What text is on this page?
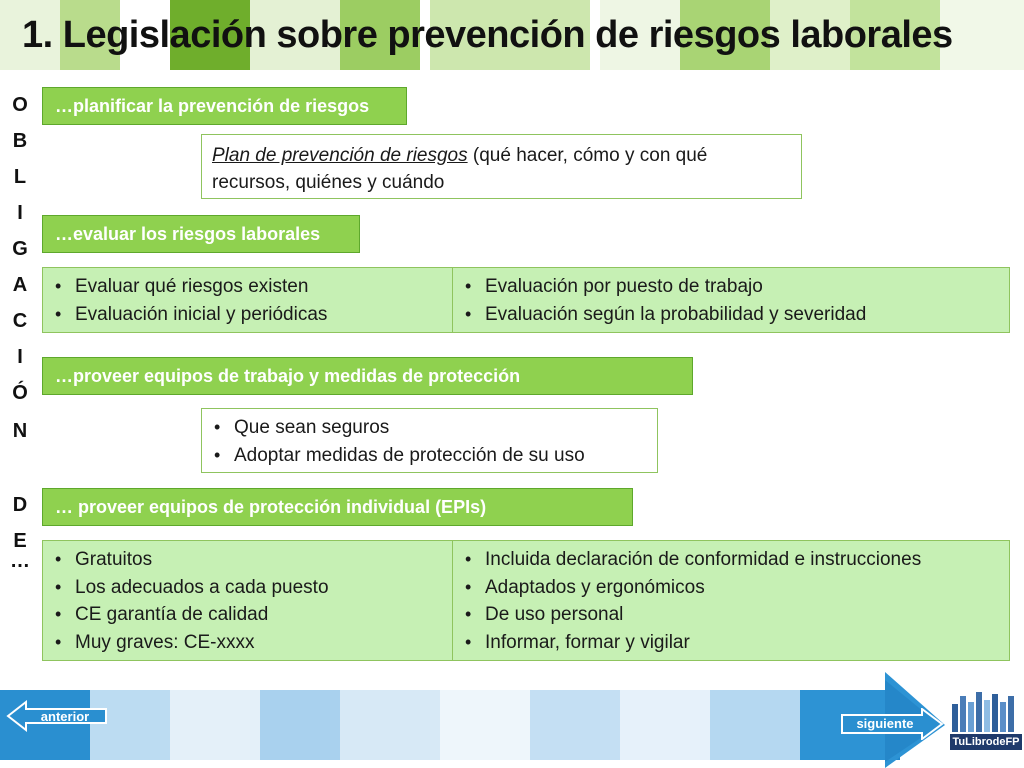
1. Legislación sobre prevención de riesgos laborales
O
B
L
I
G
A
C
I
Ó
N
D
E
…
…planificar la prevención de riesgos
Plan de prevención de riesgos (qué hacer, cómo y con qué
recursos, quiénes y cuándo
…evaluar los riesgos laborales
• Evaluar qué riesgos existen
• Evaluación inicial y periódicas
• Evaluación por puesto de trabajo
• Evaluación según la probabilidad y severidad
…proveer equipos de trabajo y medidas de protección
• Que sean seguros
• Adoptar medidas de protección de su uso
… proveer equipos de protección individual (EPIs)
• Gratuitos
• Los adecuados a cada puesto
• CE garantía de calidad
• Muy graves: CE-xxxx
• Incluida declaración de conformidad e instrucciones
• Adaptados y ergonómicos
• De uso personal
• Informar, formar y vigilar
anterior	siguiente
TuLibrodeFP
